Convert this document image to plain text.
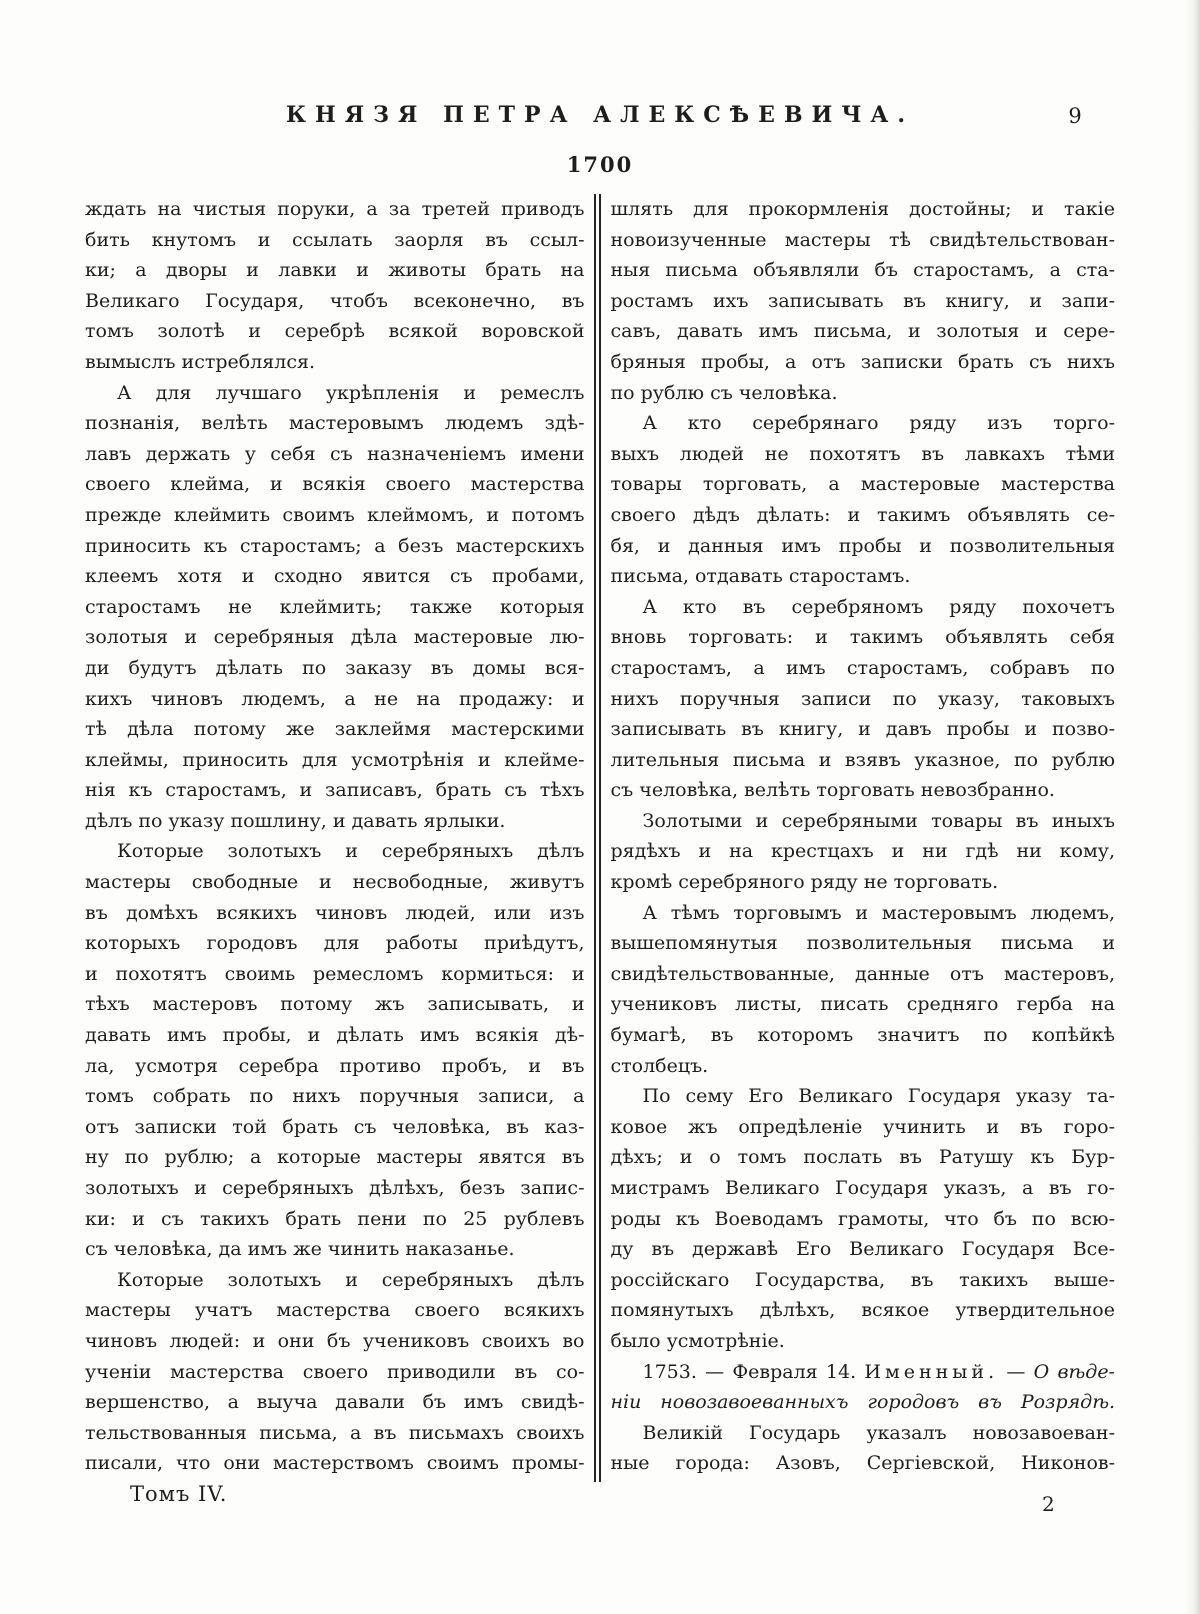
КНЯЗЯ ПЕТРА АЛЕКСѢЕВИЧА.	9
1700
ждать на чистыя поруки, а за третей приводъ
бить кнутомъ и ссылать заорля въ ссыл-
ки; а дворы и лавки и животы брать на
Великаго Государя, чтобъ всеконечно, въ
томъ золотѣ и серебрѣ всякой воровской
вымыслъ истреблялся.
А для лучшаго укрѣпленія и ремеслъ
познанія, велѣть мастеровымъ людемъ здѣ-
лавъ держать у себя съ назначеніемъ имени
своего клейма, и всякія своего мастерства
прежде клеймить своимъ клеймомъ, и потомъ
приносить къ старостамъ; а безъ мастерскихъ
клеемъ хотя и сходно явится съ пробами,
старостамъ не клеймить; также которыя
золотыя и серебряныя дѣла мастеровые лю-
ди будутъ дѣлать по заказу въ домы вся-
кихъ чиновъ людемъ, а не на продажу: и
тѣ дѣла потому же заклеймя мастерскими
клеймы, приносить для усмотрѣнія и клейме-
нія къ старостамъ, и записавъ, брать съ тѣхъ
дѣлъ по указу пошлину, и давать ярлыки.
Которые золотыхъ и серебряныхъ дѣлъ
мастеры свободные и несвободные, живутъ
въ домѣхъ всякихъ чиновъ людей, или изъ
которыхъ городовъ для работы приѣдутъ,
и похотятъ своимь ремесломъ кормиться: и
тѣхъ мастеровъ потому жъ записывать, и
давать имъ пробы, и дѣлать имъ всякія дѣ-
ла, усмотря серебра противо пробъ, и въ
томъ собрать по нихъ поручныя записи, а
отъ записки той брать съ человѣка, въ каз-
ну по рублю; а которые мастеры явятся въ
золотыхъ и серебряныхъ дѣлѣхъ, безъ запис-
ки: и съ такихъ брать пени по 25 рублевъ
съ человѣка, да имъ же чинить наказанье.
Которые золотыхъ и серебряныхъ дѣлъ
мастеры учатъ мастерства своего всякихъ
чиновъ людей: и они бъ учениковъ своихъ во
ученіи мастерства своего приводили въ со-
вершенство, а выуча давали бъ имъ свидѣ-
тельствованныя письма, а въ письмахъ своихъ
писали, что они мастерствомъ своимъ промы-
шлять для прокормленія достойны; и такіе
новоизученные мастеры тѣ свидѣтельствован-
ныя письма объявляли бъ старостамъ, а ста-
ростамъ ихъ записывать въ книгу, и запи-
савъ, давать имъ письма, и золотыя и сере-
бряныя пробы, а отъ записки брать съ нихъ
по рублю съ человѣка.
А кто серебрянаго ряду изъ торго-
выхъ людей не похотятъ въ лавкахъ тѣми
товары торговать, а мастеровые мастерства
своего дѣдъ дѣлать: и такимъ объявлять се-
бя, и данныя имъ пробы и позволительныя
письма, отдавать старостамъ.
А кто въ серебряномъ ряду похочетъ
вновь торговать: и такимъ объявлять себя
старостамъ, а имъ старостамъ, собравъ по
нихъ поручныя записи по указу, таковыхъ
записывать въ книгу, и давъ пробы и позво-
лительныя письма и взявъ указное, по рублю
съ человѣка, велѣть торговать невозбранно.
Золотыми и серебряными товары въ иныхъ
рядѣхъ и на крестцахъ и ни гдѣ ни кому,
кромѣ серебряного ряду не торговать.
А тѣмъ торговымъ и мастеровымъ людемъ,
вышепомянутыя позволительныя письма и
свидѣтельствованные, данные отъ мастеровъ,
учениковъ листы, писать средняго герба на
бумагѣ, въ которомъ значитъ по копѣйкѣ
столбецъ.
По сему Его Великаго Государя указу та-
ковое жъ опредѣленіе учинить и въ горо-
дѣхъ; и о томъ послать въ Ратушу къ Бур-
мистрамъ Великаго Государя указъ, а въ го-
роды къ Воеводамъ грамоты, что бъ по всю-
ду въ державѣ Его Великаго Государя Все-
россійскаго Государства, въ такихъ выше-
помянутыхъ дѣлѣхъ, всякое утвердительное
было усмотрѣніе.
1753. — Февраля 14. Именный. — О вѣде-
ніи новозавоеванныхъ городовъ въ Розрядѣ.
Великій Государь указалъ новозавоеван-
ные города: Азовъ, Сергіевской, Никонов-
Томъ IV.	2
